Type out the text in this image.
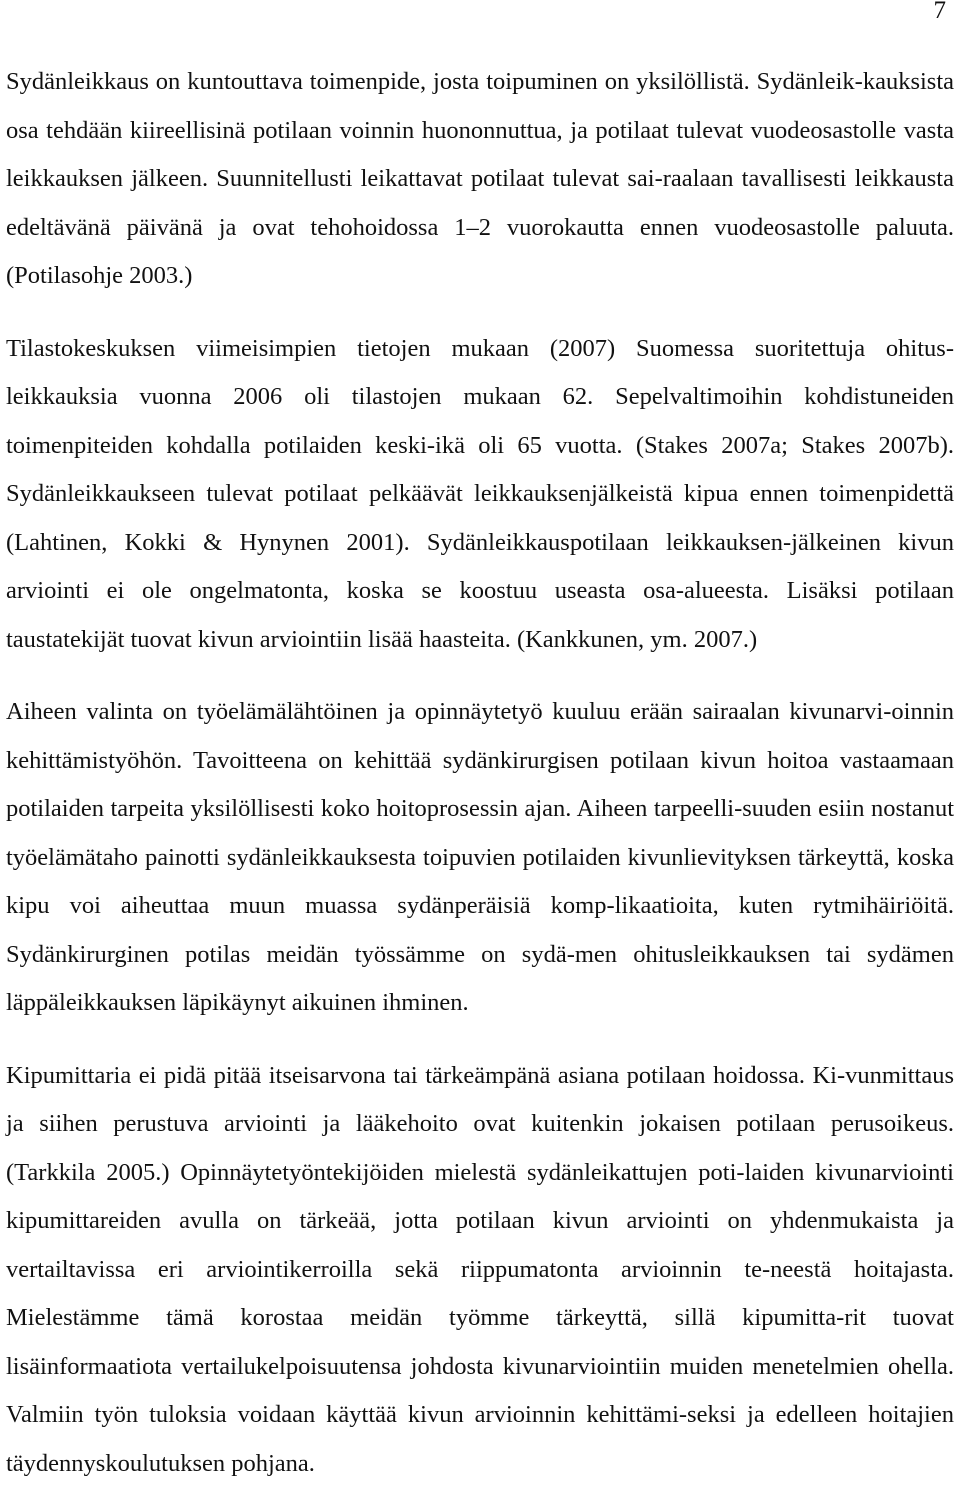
7

Sydänleikkaus on kuntouttava toimenpide, josta toipuminen on yksilöllistä. Sydänleik-kauksista osa tehdään kiireellisinä potilaan voinnin huononnuttua, ja potilaat tulevat vuodeosastolle vasta leikkauksen jälkeen. Suunnitellusti leikattavat potilaat tulevat sai-raalaan tavallisesti leikkausta edeltävänä päivänä ja ovat tehohoidossa 1–2 vuorokautta ennen vuodeosastolle paluuta. (Potilasohje 2003.)

Tilastokeskuksen viimeisimpien tietojen mukaan (2007) Suomessa suoritettuja ohitus-leikkauksia vuonna 2006 oli tilastojen mukaan 62. Sepelvaltimoihin kohdistuneiden toimenpiteiden kohdalla potilaiden keski-ikä oli 65 vuotta. (Stakes 2007a; Stakes 2007b). Sydänleikkaukseen tulevat potilaat pelkäävät leikkauksenjälkeistä kipua ennen toimenpidettä (Lahtinen, Kokki & Hynynen 2001). Sydänleikkauspotilaan leikkauksen-jälkeinen kivun arviointi ei ole ongelmatonta, koska se koostuu useasta osa-alueesta. Lisäksi potilaan taustatekijät tuovat kivun arviointiin lisää haasteita. (Kankkunen, ym. 2007.)

Aiheen valinta on työelämälähtöinen ja opinnäytetyö kuuluu erään sairaalan kivunarvi-oinnin kehittämistyöhön. Tavoitteena on kehittää sydänkirurgisen potilaan kivun hoitoa vastaamaan potilaiden tarpeita yksilöllisesti koko hoitoprosessin ajan. Aiheen tarpeelli-suuden esiin nostanut työelämätaho painotti sydänleikkauksesta toipuvien potilaiden kivunlievityksen tärkeyttä, koska kipu voi aiheuttaa muun muassa sydänperäisiä komp-likaatioita, kuten rytmihäiriöitä. Sydänkirurginen potilas meidän työssämme on sydä-men ohitusleikkauksen tai sydämen läppäleikkauksen läpikäynyt aikuinen ihminen.

Kipumittaria ei pidä pitää itseisarvona tai tärkeämpänä asiana potilaan hoidossa. Ki-vunmittaus ja siihen perustuva arviointi ja lääkehoito ovat kuitenkin jokaisen potilaan perusoikeus. (Tarkkila 2005.) Opinnäytetyöntekijöiden mielestä sydänleikattujen poti-laiden kivunarviointi kipumittareiden avulla on tärkeää, jotta potilaan kivun arviointi on yhdenmukaista ja vertailtavissa eri arviointikerroilla sekä riippumatonta arvioinnin te-neestä hoitajasta. Mielestämme tämä korostaa meidän työmme tärkeyttä, sillä kipumitta-rit tuovat lisäinformaatiota vertailukelpoisuutensa johdosta kivunarviointiin muiden menetelmien ohella. Valmiin työn tuloksia voidaan käyttää kivun arvioinnin kehittämi-seksi ja edelleen hoitajien täydennyskoulutuksen pohjana.
